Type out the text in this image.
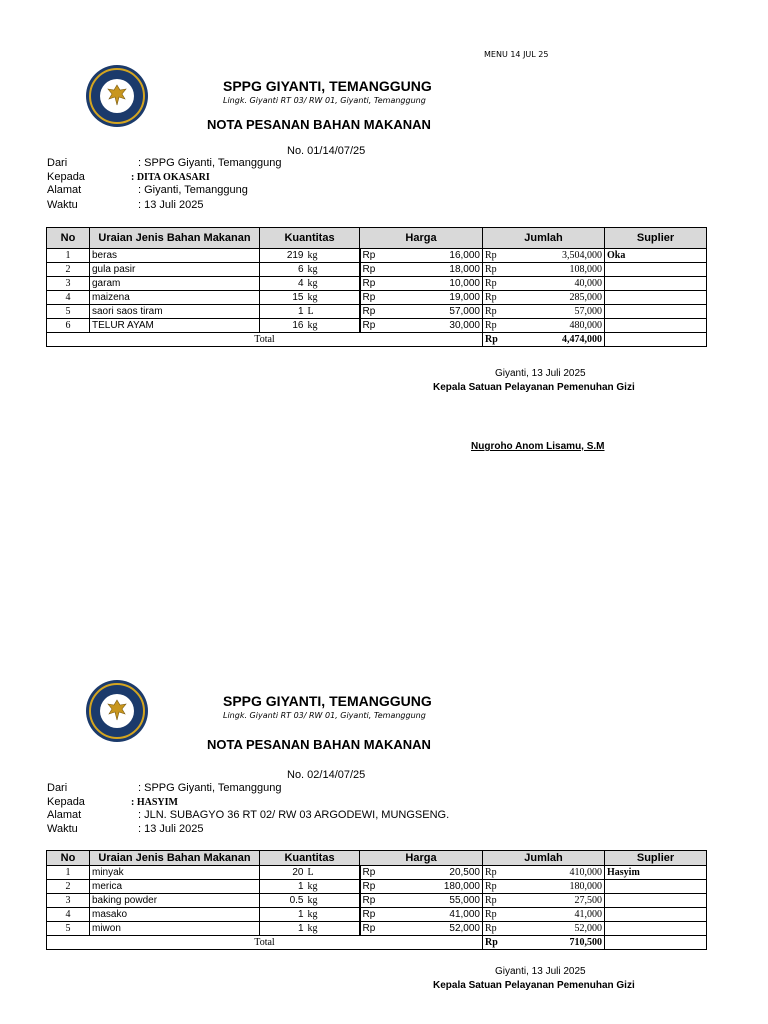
MENU 14 JUL 25
SPPG GIYANTI, TEMANGGUNG
Lingk. Giyanti RT 03/ RW 01, Giyanti, Temanggung
NOTA PESANAN BAHAN MAKANAN
No. 01/14/07/25
Dari	: SPPG Giyanti, Temanggung
Kepada	: DITA OKASARI
Alamat	: Giyanti, Temanggung
Waktu	: 13 Juli 2025
No	Uraian Jenis Bahan Makanan	Kuantitas		Harga		Jumlah		Suplier
1	beras	219	kg	Rp	16,000	Rp	3,504,000	Oka
2	gula pasir	6	kg	Rp	18,000	Rp	108,000	
3	garam	4	kg	Rp	10,000	Rp	40,000	
4	maizena	15	kg	Rp	19,000	Rp	285,000	
5	saori saos tiram	1	L	Rp	57,000	Rp	57,000	
6	TELUR AYAM	16	kg	Rp	30,000	Rp	480,000	
Total						Rp	4,474,000	
Giyanti, 13 Juli 2025
Kepala Satuan Pelayanan Pemenuhan Gizi
Nugroho Anom Lisamu, S.M
SPPG GIYANTI, TEMANGGUNG
Lingk. Giyanti RT 03/ RW 01, Giyanti, Temanggung
NOTA PESANAN BAHAN MAKANAN
No. 02/14/07/25
Dari	: SPPG Giyanti, Temanggung
Kepada	: HASYIM
Alamat	: JLN. SUBAGYO 36 RT 02/ RW 03 ARGODEWI, MUNGSENG.
Waktu	: 13 Juli 2025
No	Uraian Jenis Bahan Makanan	Kuantitas		Harga		Jumlah		Suplier
1	minyak	20	L	Rp	20,500	Rp	410,000	Hasyim
2	merica	1	kg	Rp	180,000	Rp	180,000	
3	baking powder	0.5	kg	Rp	55,000	Rp	27,500	
4	masako	1	kg	Rp	41,000	Rp	41,000	
5	miwon	1	kg	Rp	52,000	Rp	52,000	
Total						Rp	710,500	
Giyanti, 13 Juli 2025
Kepala Satuan Pelayanan Pemenuhan Gizi
